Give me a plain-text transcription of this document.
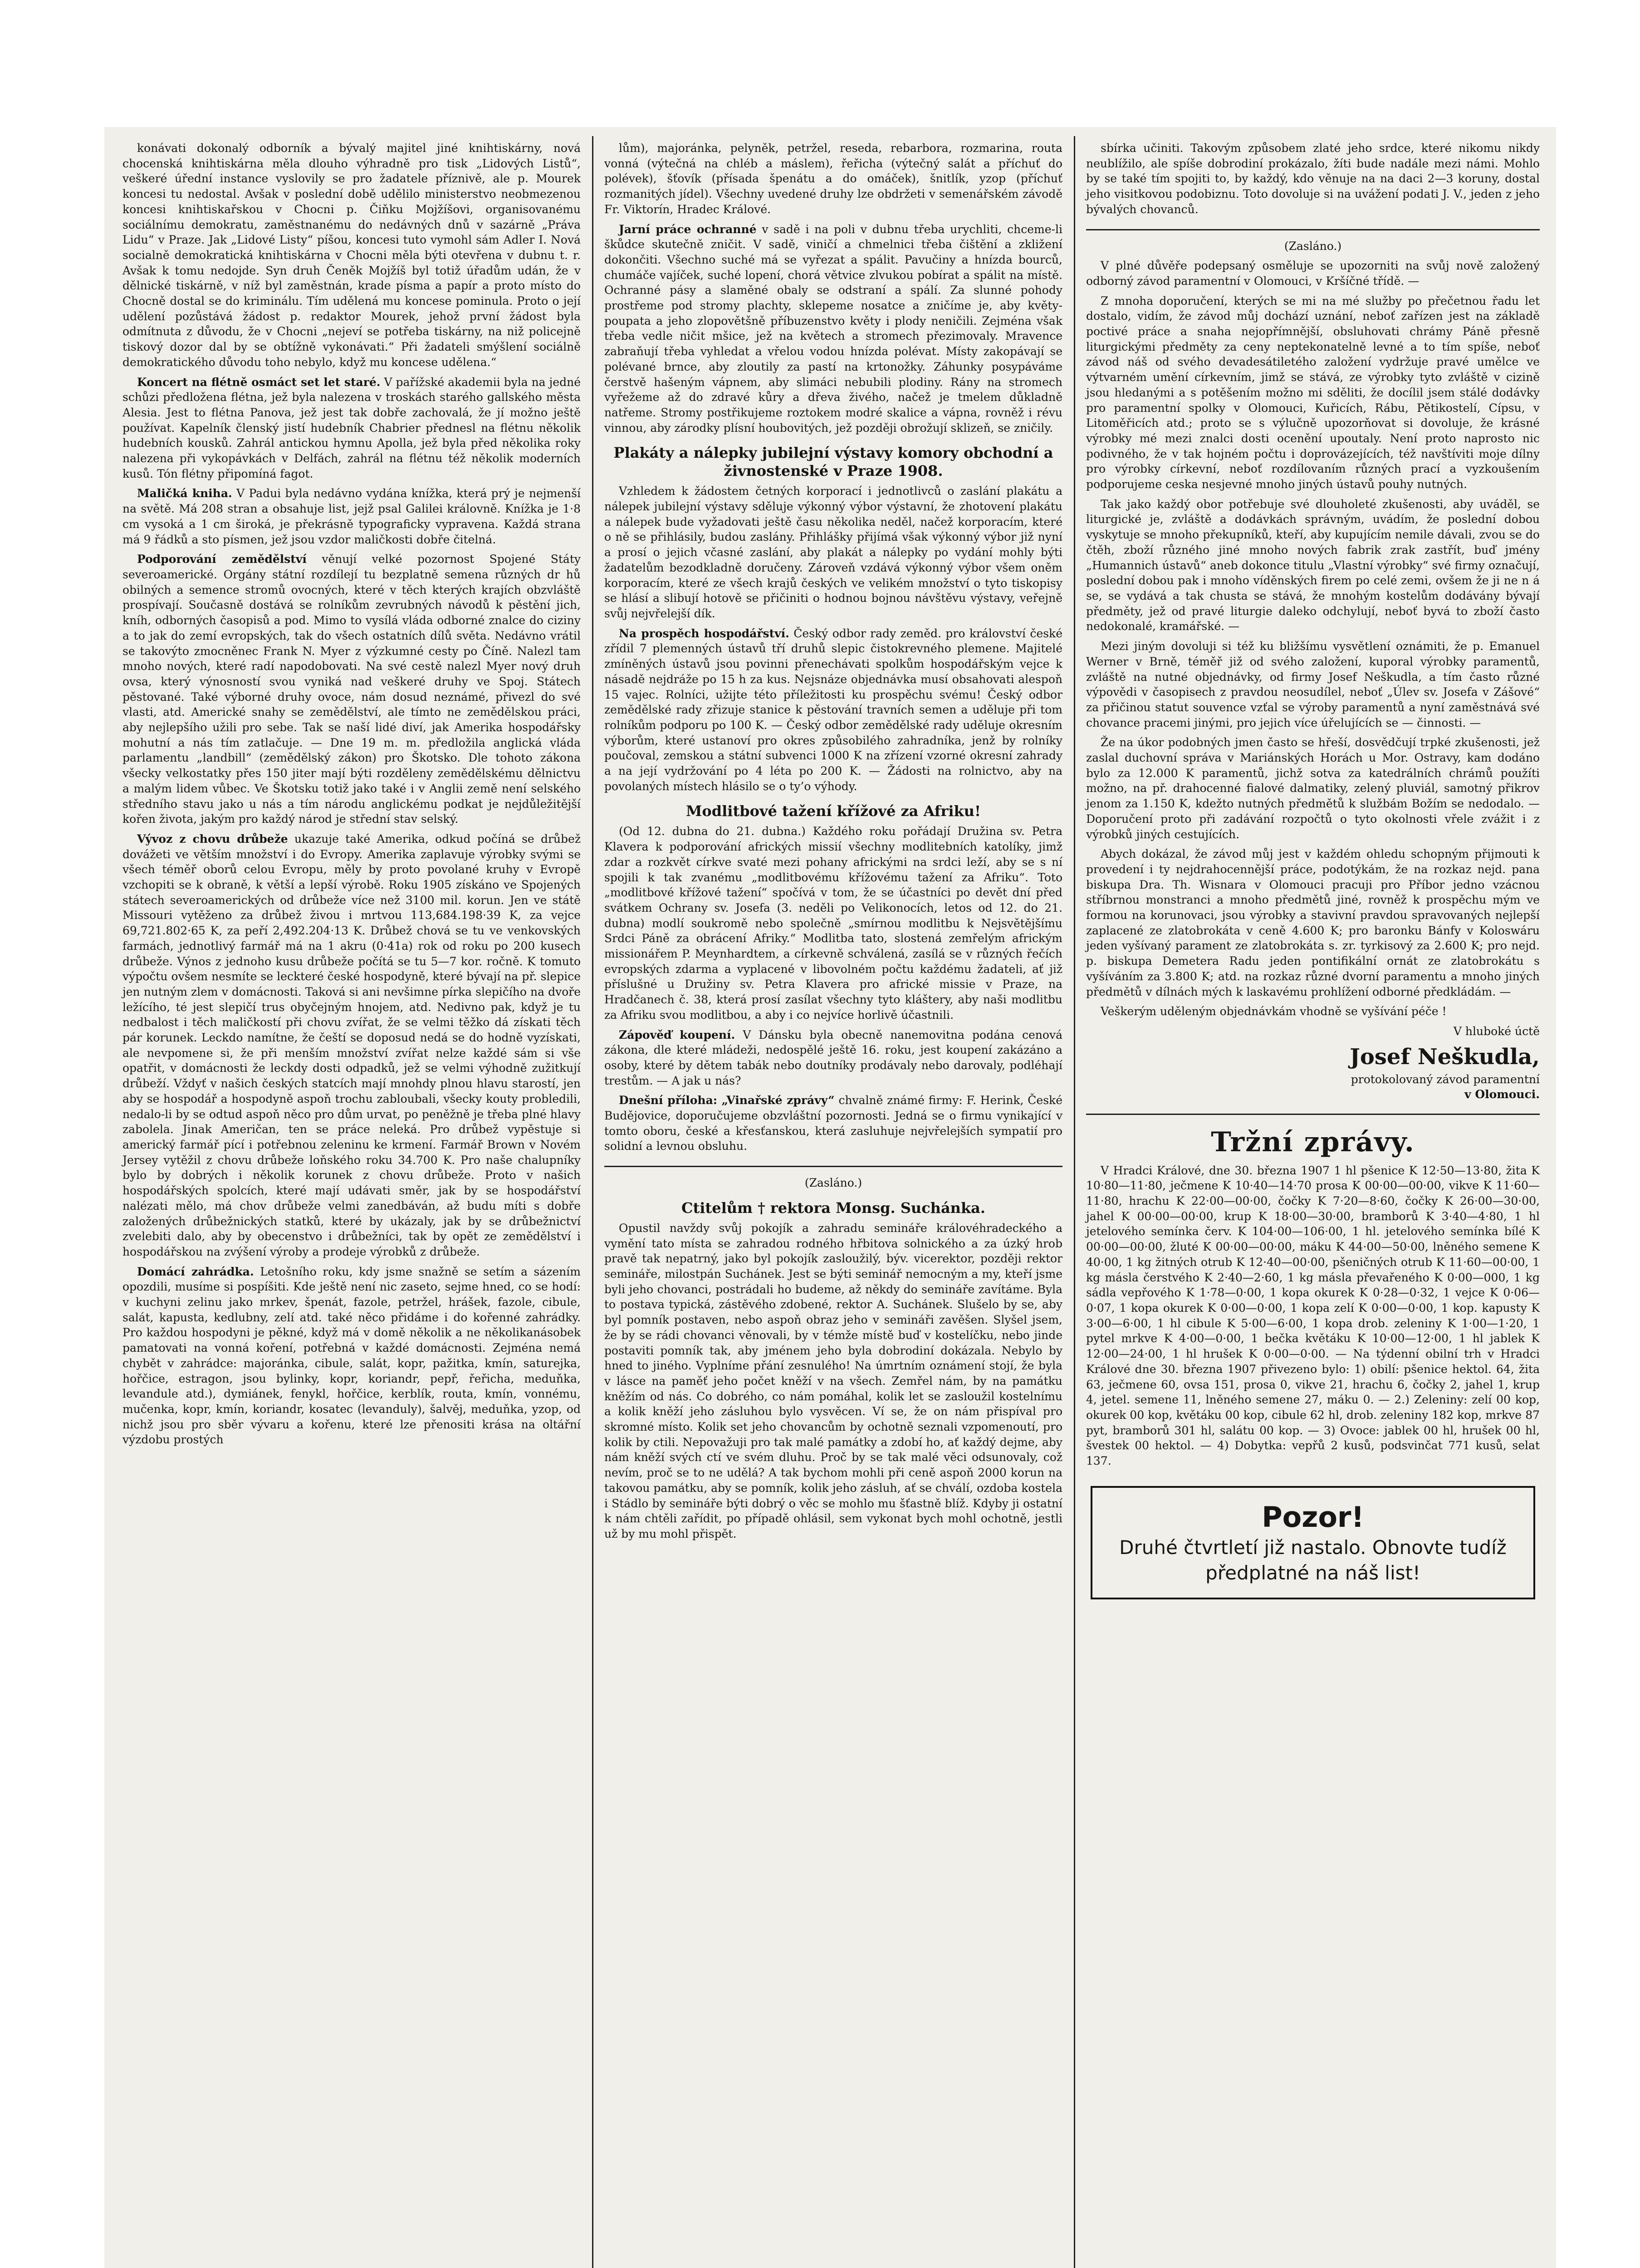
konávati dokonalý odborník a bývalý majitel jiné knihtiskárny, nová chocenská knihtiskárna měla dlouho výhradně pro tisk „Lidových Listů“, veškeré úřední instance vyslovily se pro žadatele příznivě, ale p. Mourek koncesi tu nedostal. Avšak v poslední době udělilo ministerstvo neobmezenou koncesi knihtiskařskou v Chocni p. Čiňku Mojžíšovi, organisovanému sociálnímu demokratu, zaměstnanému do nedávných dnů v sazárně „Práva Lidu“ v Praze. Jak „Lidové Listy“ píšou, koncesi tuto vymohl sám Adler I. Nová socialně demokratická knihtiskárna v Chocni měla býti otevřena v dubnu t. r. Avšak k tomu nedojde. Syn druh Čeněk Mojžíš byl totiž úřadům udán, že v dělnické tiskárně, v níž byl zaměstnán, krade písma a papír a proto místo do Chocně dostal se do kriminálu. Tím udělená mu koncese pominula. Proto o její udělení pozůstává žádost p. redaktor Mourek, jehož první žádost byla odmítnuta z důvodu, že v Chocni „nejeví se potřeba tiskárny, na niž policejně tiskový dozor dal by se obtížně vykonávati.“ Při žadateli smýšlení sociálně demokratického důvodu toho nebylo, když mu koncese udělena.“

Koncert na flétně osmáct set let staré. V pařížské akademii byla na jedné schůzi předložena flétna, jež byla nalezena v troskách starého gallského města Alesia. Jest to flétna Panova, jež jest tak dobře zachovalá, že jí možno ještě používat. Kapelník členský jistí hudebník Chabrier přednesl na flétnu několik hudebních kousků. Zahrál antickou hymnu Apolla, jež byla před několika roky nalezena při vykopávkách v Delfách, zahrál na flétnu též několik moderních kusů. Tón flétny připomíná fagot.

Maličká kniha. V Padui byla nedávno vydána knížka, která prý je nejmenší na světě. Má 208 stran a obsahuje list, jejž psal Galilei královně. Knížka je 1·8 cm vysoká a 1 cm široká, je překrásně typograficky vypravena. Každá strana má 9 řádků a sto písmen, jež jsou vzdor maličkosti dobře čitelná.

Podporování zemědělství věnují velké pozornost Spojené Státy severoamerické. Orgány státní rozdílejí tu bezplatně semena různých dr hů obilných a semence stromů ovocných, které v těch kterých krajích obzvláště prospívají. Současně dostává se rolníkům zevrubných návodů k pěstění jich, kníh, odborných časopisů a pod. Mimo to vysílá vláda odborné znalce do ciziny a to jak do zemí evropských, tak do všech ostatních dílů světa. Nedávno vrátil se takovýto zmocněnec Frank N. Myer z výzkumné cesty po Číně. Nalezl tam mnoho nových, které radí napodobovati. Na své cestě nalezl Myer nový druh ovsa, který výnosností svou vyniká nad veškeré druhy ve Spoj. Státech pěstované. Také výborné druhy ovoce, nám dosud neznámé, přivezl do své vlasti, atd. Americké snahy se zemědělství, ale tímto ne zemědělskou práci, aby nejlepšího užili pro sebe. Tak se naší lidé diví, jak Amerika hospodářsky mohutní a nás tím zatlačuje. — Dne 19 m. m. předložila anglická vláda parlamentu „landbill“ (zemědělský zákon) pro Škotsko. Dle tohoto zákona všecky velkostatky přes 150 jiter mají býti rozděleny zemědělskému dělnictvu a malým lidem vůbec. Ve Škotsku totiž jako také i v Anglii země není selského středního stavu jako u nás a tím národu anglickému podkat je nejdůležitější kořen života, jakým pro každý národ je střední stav selský.

Vývoz z chovu drůbeže ukazuje také Amerika, odkud počíná se drůbež dovážeti ve větším množství i do Evropy. Amerika zaplavuje výrobky svými se všech téměř oborů celou Evropu, měly by proto povolané kruhy v Evropě vzchopiti se k obraně, k větší a lepší výrobě. Roku 1905 získáno ve Spojených státech severoamerických od drůbeže více než 3100 mil. korun. Jen ve státě Missouri vytěženo za drůbež živou i mrtvou 113,684.198·39 K, za vejce 69,721.802·65 K, za peří 2,492.204·13 K. Drůbež chová se tu ve venkovských farmách, jednotlivý farmář má na 1 akru (0·41a) rok od roku po 200 kusech drůbeže. Výnos z jednoho kusu drůbeže počítá se tu 5—7 kor. ročně. K tomuto výpočtu ovšem nesmíte se leckteré české hospodyně, které bývají na př. slepice jen nutným zlem v domácnosti. Taková si ani nevšimne pírka slepičího na dvoře ležícího, té jest slepičí trus obyčejným hnojem, atd. Nedivno pak, když je tu nedbalost i těch maličkostí při chovu zvířat, že se velmi těžko dá získati těch pár korunek. Leckdo namítne, že čeští se doposud nedá se do hodně vyzískati, ale nevpomene si, že při menším množství zvířat nelze každé sám si vše opatřit, v domácnosti že leckdy dosti odpadků, jež se velmi výhodně zužitkují drůbeží. Vždyť v našich českých statcích mají mnohdy plnou hlavu starostí, jen aby se hospodář a hospodyně aspoň trochu zabloubali, všecky kouty probledili, nedalo-li by se odtud aspoň něco pro dům urvat, po peněžně je třeba plné hlavy zabolela. Jinak Američan, ten se práce neleká. Pro drůbež vypěstuje si americký farmář pící i potřebnou zeleninu ke krmení. Farmář Brown v Novém Jersey vytěžil z chovu drůbeže loňského roku 34.700 K. Pro naše chalupníky bylo by dobrých i několik korunek z chovu drůbeže. Proto v našich hospodářských spolcích, které mají udávati směr, jak by se hospodářství nalézati mělo, má chov drůbeže velmi zanedbáván, až budu míti s dobře založených drůbežnických statků, které by ukázaly, jak by se drůbežnictví zvelebiti dalo, aby by obecenstvo i drůbežníci, tak by opět ze zemědělství i hospodářskou na zvýšení výroby a prodeje výrobků z drůbeže.

Domácí zahrádka. Letošního roku, kdy jsme snažně se setím a sázením opozdili, musíme si pospíšiti. Kde ještě není nic zaseto, sejme hned, co se hodí: v kuchyni zelinu jako mrkev, špenát, fazole, petržel, hrášek, fazole, cibule, salát, kapusta, kedlubny, zelí atd. také něco přidáme i do kořenné zahrádky. Pro každou hospodyni je pěkné, když má v domě několik a ne několikanásobek pamatovati na vonná koření, potřebná v každé domácnosti. Zejména nemá chybět v zahrádce: majoránka, cibule, salát, kopr, pažitka, kmín, saturejka, hořčice, estragon, jsou bylinky, kopr, koriandr, pepř, řeřicha, meduňka, levandule atd.), dymiánek, fenykl, hořčice, kerblík, routa, kmín, vonnému, mučenka, kopr, kmín, koriandr, kosatec (levanduly), šalvěj, meduňka, yzop, od nichž jsou pro sběr vývaru a kořenu, které lze přenositi krása na oltářní výzdobu prostých

lům), majoránka, pelyněk, petržel, reseda, rebarbora, rozmarina, routa vonná (výtečná na chléb a máslem), řeřicha (výtečný salát a příchuť do polévek), šťovík (přísada špenátu a do omáček), šnitlík, yzop (příchuť rozmanitých jídel). Všechny uvedené druhy lze obdržeti v semenářském závodě Fr. Viktorín, Hradec Králové.

Jarní práce ochranné v sadě i na poli v dubnu třeba urychliti, chceme-li škůdce skutečně zničit. V sadě, viničí a chmelnici třeba čištění a zkližení dokončiti. Všechno suché má se vyřezat a spálit. Pavučiny a hnízda bourců, chumáče vajíček, suché lopení, chorá větvice zlvukou pobírat a spálit na místě. Ochranné pásy a slaměné obaly se odstraní a spálí. Za slunné pohody prostřeme pod stromy plachty, sklepeme nosatce a zničíme je, aby květy-poupata a jeho zlopovětšně příbuzenstvo květy i plody neničili. Zejména však třeba vedle ničit mšice, jež na květech a stromech přezimovaly. Mravence zabraňují třeba vyhledat a vřelou vodou hnízda polévat. Místy zakopávají se polévané brnce, aby zloutily za pastí na krtonožky. Záhunky posypáváme čerstvě hašeným vápnem, aby slimáci nebubili plodiny. Rány na stromech vyřežeme až do zdravé kůry a dřeva živého, načež je tmelem důkladně natřeme. Stromy postřikujeme roztokem modré skalice a vápna, rovněž i révu vinnou, aby zárodky plísní houbovitých, jež později obrožují sklizeň, se zničily.

Plakáty a nálepky jubilejní výstavy komory obchodní a živnostenské v Praze 1908.

Vzhledem k žádostem četných korporací i jednotlivců o zaslání plakátu a nálepek jubilejní výstavy sděluje výkonný výbor výstavní, že zhotovení plakátu a nálepek bude vyžadovati ještě času několika neděl, načež korporacím, které o ně se přihlásily, budou zaslány. Přihlášky přijímá však výkonný výbor již nyní a prosí o jejich včasné zaslání, aby plakát a nálepky po vydání mohly býti žadatelům bezodkladně doručeny. Zároveň vzdává výkonný výbor všem oněm korporacím, které ze všech krajů českých ve velikém množství o tyto tiskopisy se hlásí a slibují hotově se přičiniti o hodnou bojnou návštěvu výstavy, veřejně svůj nejvřelejší dík.

Na prospěch hospodářství. Český odbor rady zeměd. pro království české zřídil 7 plemenných ústavů tří druhů slepic čistokrevného plemene. Majitelé zmíněných ústavů jsou povinni přenechávati spolkům hospodářským vejce k násadě nejdráže po 15 h za kus. Nejsnáze objednávka musí obsahovati alespoň 15 vajec. Rolníci, užijte této příležitosti ku prospěchu svému! Český odbor zemědělské rady zřizuje stanice k pěstování travních semen a uděluje při tom rolníkům podporu po 100 K. — Český odbor zemědělské rady uděluje okresním výborům, které ustanoví pro okres způsobilého zahradníka, jenž by rolníky poučoval, zemskou a státní subvenci 1000 K na zřízení vzorné okresní zahrady a na její vydržování po 4 léta po 200 K. — Žádosti na rolnictvo, aby na povolaných místech hlásilo se o ty’o výhody.

Modlitbové tažení křížové za Afriku!

(Od 12. dubna do 21. dubna.) Každého roku pořádají Družina sv. Petra Klavera k podporování afrických missií všechny modlitebních katolíky, jimž zdar a rozkvět církve svaté mezi pohany africkými na srdci leží, aby se s ní spojili k tak zvanému „modlitbovému křížovému tažení za Afriku“. Toto „modlitbové křížové tažení“ spočívá v tom, že se účastníci po devět dní před svátkem Ochrany sv. Josefa (3. neděli po Velikonocích, letos od 12. do 21. dubna) modlí soukromě nebo společně „smírnou modlitbu k Nejsvětějšímu Srdci Páně za obrácení Afriky.“ Modlitba tato, slostená zemřelým africkým missionářem P. Meynhardtem, a církevně schválená, zasílá se v různých řečích evropských zdarma a vyplacené v libovolném počtu každému žadateli, ať již příslušné u Družiny sv. Petra Klavera pro africké missie v Praze, na Hradčanech č. 38, která prosí zasílat všechny tyto kláštery, aby naši modlitbu za Afriku svou modlitbou, a aby i co nejvíce horlivě účastnili.

Zápověď koupení. V Dánsku byla obecně nanemovitna podána cenová zákona, dle které mládeži, nedospělé ještě 16. roku, jest koupení zakázáno a osoby, které by dětem tabák nebo doutníky prodávaly nebo darovaly, podléhají trestům. — A jak u nás?

Dnešní příloha: „Vinařské zprávy“ chvalně známé firmy: F. Herink, České Budějovice, doporučujeme obzvláštní pozornosti. Jedná se o firmu vynikající v tomto oboru, české a křesťanskou, která zasluhuje nejvřelejších sympatií pro solidní a levnou obsluhu.

(Zasláno.)

Ctitelům † rektora Monsg. Suchánka.

Opustil navždy svůj pokojík a zahradu semináře královéhradeckého a vymění tato místa se zahradou rodného hřbitova solnického a za úzký hrob pravě tak nepatrný, jako byl pokojík zasloužilý, býv. vicerektor, později rektor semináře, milostpán Suchánek. Jest se býti seminář nemocným a my, kteří jsme byli jeho chovanci, postrádali ho budeme, až někdy do semináře zavítáme. Byla to postava typická, zástěvého zdobené, rektor A. Suchánek. Slušelo by se, aby byl pomník postaven, nebo aspoň obraz jeho v semináři zavěšen. Slyšel jsem, že by se rádi chovanci věnovali, by v témže místě buď v kostelíčku, nebo jinde postaviti pomník tak, aby jménem jeho byla dobrodiní dokázala. Nebylo by hned to jiného. Vyplníme přání zesnulého! Na úmrtním oznámení stojí, že byla v lásce na paměť jeho počet kněží v na všech. Zemřel nám, by na památku kněžím od nás. Co dobrého, co nám pomáhal, kolik let se zasloužil kostelnímu a kolik kněží jeho zásluhou bylo vysvěcen. Ví se, že on nám přispíval pro skromné místo. Kolik set jeho chovancům by ochotně seznali vzpomenoutí, pro kolik by ctili. Nepovažuji pro tak malé památky a zdobí ho, ať každý dejme, aby nám kněží svých ctí ve svém dluhu. Proč by se tak malé věci odsunovaly, což nevím, proč se to ne udělá? A tak bychom mohli při ceně aspoň 2000 korun na takovou památku, aby se pomník, kolik jeho zásluh, ať se chválí, ozdoba kostela i Stádlo by semináře býti dobrý o věc se mohlo mu šťastně blíž. Kdyby ji ostatní k nám chtěli zařídit, po případě ohlásil, sem vykonat bych mohl ochotně, jestli už by mu mohl přispět.

sbírka učiniti. Takovým způsobem zlaté jeho srdce, které nikomu nikdy neublížilo, ale spíše dobrodiní prokázalo, žíti bude nadále mezi námi. Mohlo by se také tím spojiti to, by každý, kdo věnuje na na daci 2—3 koruny, dostal jeho visitkovou podobiznu. Toto dovoluje si na uvážení podati J. V., jeden z jeho bývalých chovanců.

(Zasláno.)

V plné důvěře podepsaný osměluje se upozorniti na svůj nově založený odborný závod paramentní v Olomouci, v Kršíčné třídě. —

Z mnoha doporučení, kterých se mi na mé služby po přečetnou řadu let dostalo, vidím, že závod můj dochází uznání, neboť zařízen jest na základě poctivé práce a snaha nejopřímnější, obsluhovati chrámy Páně přesně liturgickými předměty za ceny neptekonatelně levné a to tím spíše, neboť závod náš od svého devadesátiletého založení vydržuje pravé umělce ve výtvarném umění církevním, jimž se stává, ze výrobky tyto zvláště v cizině jsou hledanými a s potěšením možno mi sděliti, že docílil jsem stálé dodávky pro paramentní spolky v Olomouci, Kuřicích, Rábu, Pětikostelí, Cípsu, v Litoměřicích atd.; proto se s výlučně upozorňovat si dovoluje, že krásné výrobky mé mezi znalci dosti ocenění upoutaly. Není proto naprosto nic podivného, že v tak hojném počtu i doprovázejících, též navštíviti moje dílny pro výrobky církevní, neboť rozdílovaním různých prací a vyzkoušením podporujeme ceska nesjevné mnoho jiných ústavů pouhy nutných.

Tak jako každý obor potřebuje své dlouholeté zkušenosti, aby uváděl, se liturgické je, zvláště a dodávkách správným, uvádím, že poslední dobou vyskytuje se mnoho překupníků, kteří, aby kupujícím nemile dávali, zvou se do čtěh, zboží různého jiné mnoho nových fabrik zrak zastřít, buď jmény „Humannich ústavů“ aneb dokonce titulu „Vlastní výrobky“ své firmy označují, poslední dobou pak i mnoho víděnských firem po celé zemi, ovšem že ji ne n á se, se vydává a tak chusta se stává, že mnohým kostelům dodávány bývají předměty, jež od pravé liturgie daleko odchylují, neboť byvá to zboží často nedokonalé, kramářské. —

Mezi jiným dovoluji si též ku bližšímu vysvětlení oznámiti, že p. Emanuel Werner v Brně, téměř již od svého založení, kuporal výrobky paramentů, zvláště na nutné objednávky, od firmy Josef Neškudla, a tím často různé výpovědi v časopisech z pravdou neosudílel, neboť „Úlev sv. Josefa v Zášové“ za přičinou statut souvence vzťal se výroby paramentů a nyní zaměstnává své chovance pracemi jinými, pro jejich více úřelujících se — činnosti. —

Že na úkor podobných jmen často se hřeší, dosvědčují trpké zkušenosti, jež zaslal duchovní správa v Mariánských Horách u Mor. Ostravy, kam dodáno bylo za 12.000 K paramentů, jichž sotva za katedrálních chrámů použíti možno, na př. drahocenné fialové dalmatiky, zelený pluviál, samotný přikrov jenom za 1.150 K, kdežto nutných předmětů k službám Božím se nedodalo. — Doporučení proto při zadávání rozpočtů o tyto okolnosti vřele zvážit i z výrobků jiných cestujících.

Abych dokázal, že závod můj jest v každém ohledu schopným přijmouti k provedení i ty nejdrahocennější práce, podotýkám, že na rozkaz nejd. pana biskupa Dra. Th. Wisnara v Olomouci pracuji pro Příbor jedno vzácnou stříbrnou monstranci a mnoho předmětů jiné, rovněž k prospěchu mým ve formou na korunovaci, jsou výrobky a stavivní pravdou spravovaných nejlepší zaplacené ze zlatobrokáta v ceně 4.600 K; pro baronku Bánfy v Koloswáru jeden vyšívaný parament ze zlatobrokáta s. zr. tyrkisový za 2.600 K; pro nejd. p. biskupa Demetera Radu jeden pontifikální ornát ze zlatobrokátu s vyšíváním za 3.800 K; atd. na rozkaz různé dvorní paramentu a mnoho jiných předmětů v dílnách mých k laskavému prohlížení odborné předkládám. —

Veškerým uděleným objednávkám vhodně se vyšívání péče !

V hluboké úctě

Josef Neškudla,
protokolovaný závod paramentní
v Olomouci.
Tržní zprávy.

V Hradci Králové, dne 30. března 1907 1 hl pšenice K 12·50—13·80, žita K 10·80—11·80, ječmene K 10·40—14·70 prosa K 00·00—00·00, vikve K 11·60—11·80, hrachu K 22·00—00·00, čočky K 7·20—8·60, čočky K 26·00—30·00, jahel K 00·00—00·00, krup K 18·00—30·00, bramborů K 3·40—4·80, 1 hl jetelového semínka červ. K 104·00—106·00, 1 hl. jetelového semínka bílé K 00·00—00·00, žluté K 00·00—00·00, máku K 44·00—50·00, lněného semene K 40·00, 1 kg žitných otrub K 12·40—00·00, pšeničných otrub K 11·60—00·00, 1 kg másla čerstvého K 2·40—2·60, 1 kg másla převařeného K 0·00—000, 1 kg sádla vepřového K 1·78—0·00, 1 kopa okurek K 0·28—0·32, 1 vejce K 0·06—0·07, 1 kopa okurek K 0·00—0·00, 1 kopa zelí K 0·00—0·00, 1 kop. kapusty K 3·00—6·00, 1 hl cibule K 5·00—6·00, 1 kopa drob. zeleniny K 1·00—1·20, 1 pytel mrkve K 4·00—0·00, 1 bečka květáku K 10·00—12·00, 1 hl jablek K 12·00—24·00, 1 hl hrušek K 0·00—0·00. — Na týdenní obilní trh v Hradci Králové dne 30. března 1907 přivezeno bylo: 1) obilí: pšenice hektol. 64, žita 63, ječmene 60, ovsa 151, prosa 0, vikve 21, hrachu 6, čočky 2, jahel 1, krup 4, jetel. semene 11, lněného semene 27, máku 0. — 2.) Zeleniny: zelí 00 kop, okurek 00 kop, květáku 00 kop, cibule 62 hl, drob. zeleniny 182 kop, mrkve 87 pyt, bramborů 301 hl, salátu 00 kop. — 3) Ovoce: jablek 00 hl, hrušek 00 hl, švestek 00 hektol. — 4) Dobytka: vepřů 2 kusů, podsvinčat 771 kusů, selat 137.

Pozor!
Druhé čtvrtletí již nastalo. Obnovte tudíž předplatné na náš list!
